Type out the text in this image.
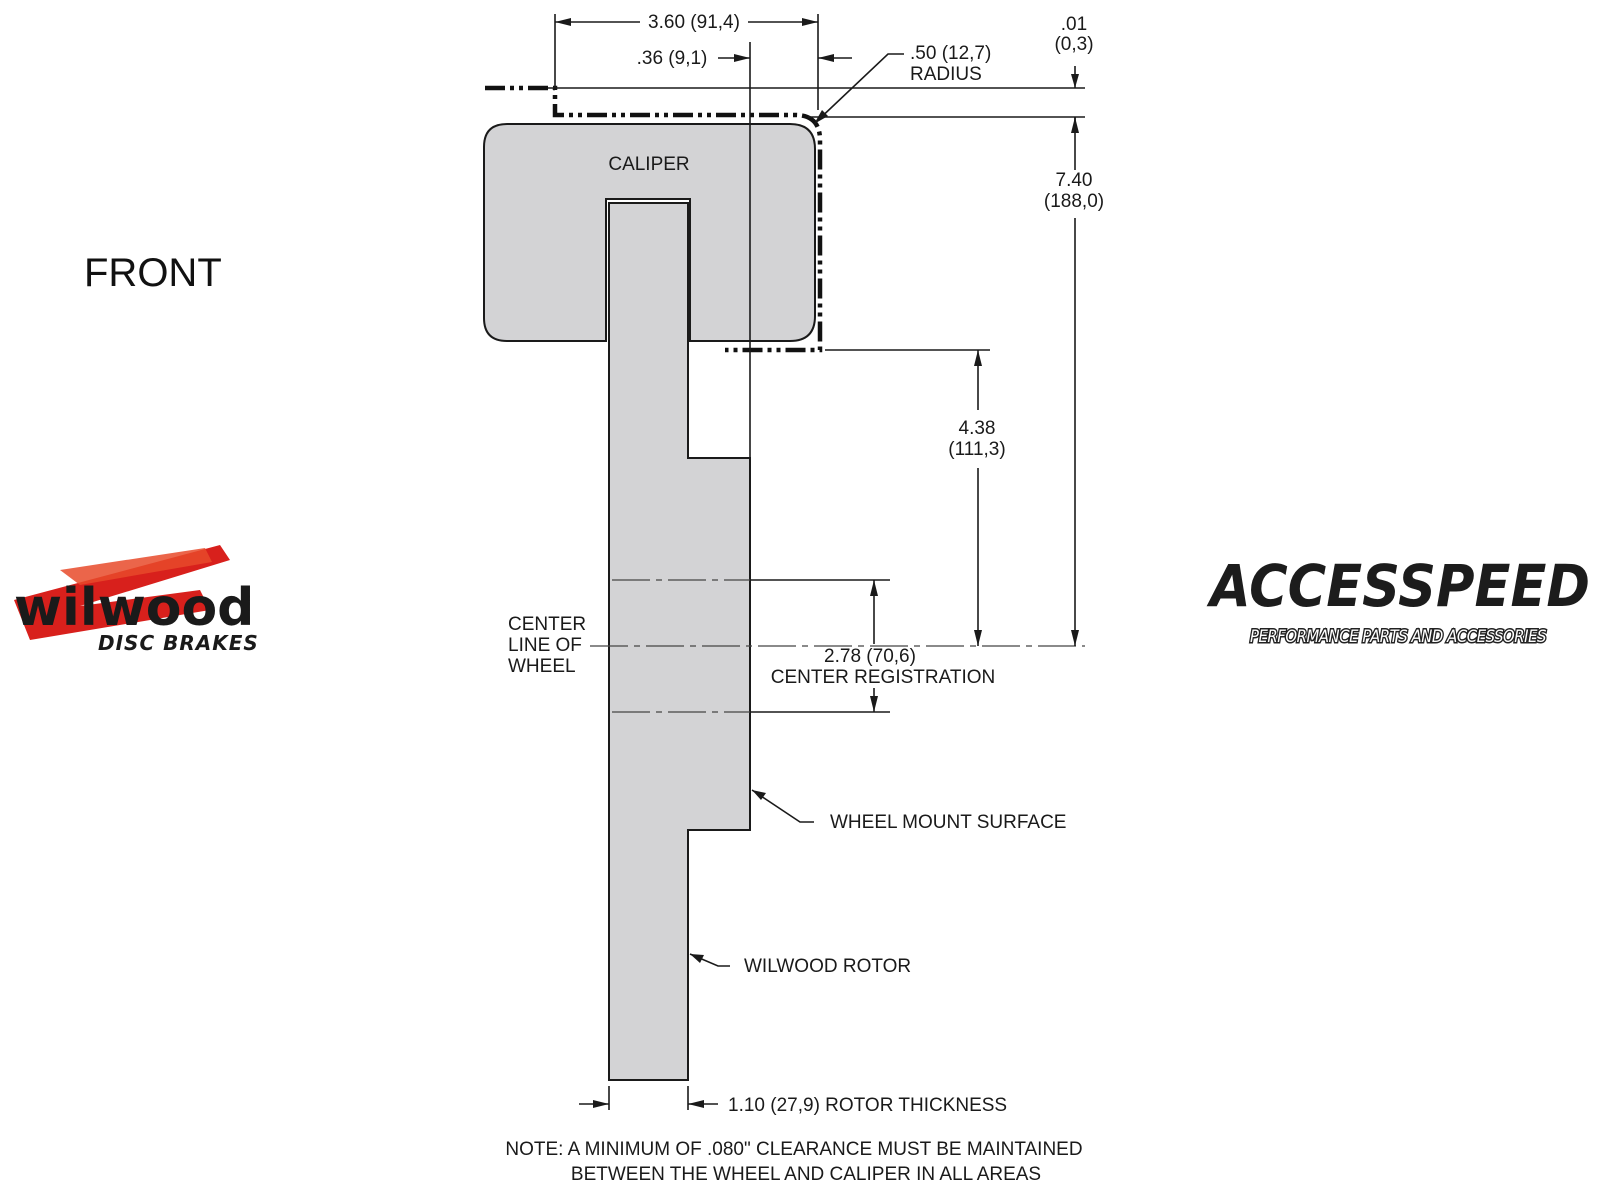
FRONT
CALIPER
3.60 (91,4)
.36 (9,1)	.50 (12,7)
RADIUS
.01
(0,3)
7.40
(188,0)
4.38
(111,3)
2.78 (70,6)
CENTER REGISTRATION
CENTER
LINE OF
WHEEL
WHEEL MOUNT SURFACE
WILWOOD ROTOR
1.10 (27,9) ROTOR THICKNESS
NOTE: A MINIMUM OF .080" CLEARANCE MUST BE MAINTAINED
BETWEEN THE WHEEL AND CALIPER IN ALL AREAS
wilwood
DISC BRAKES
ACCESSPEED
PERFORMANCE PARTS AND ACCESSORIES
